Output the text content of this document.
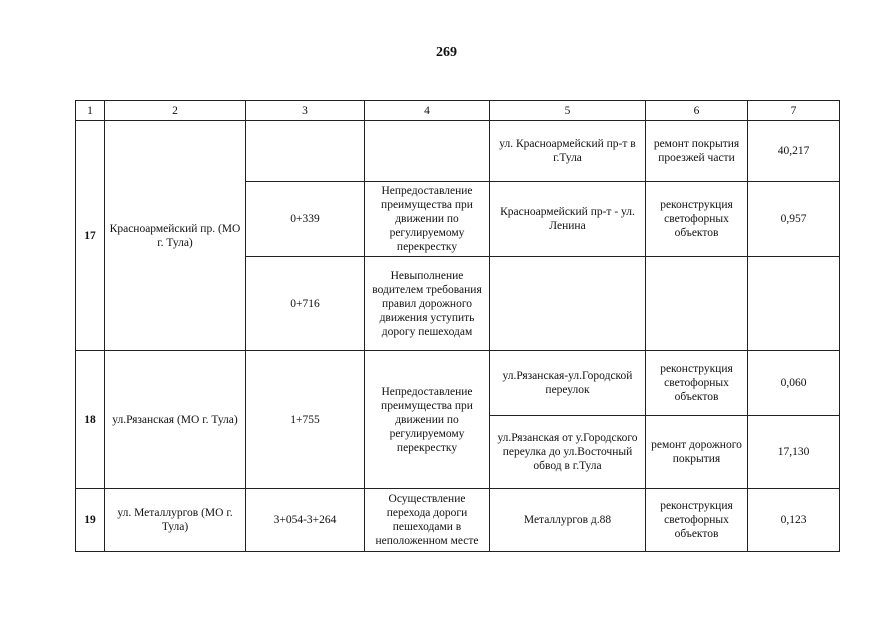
269
1	2	3	4	5	6	7
17	Красноармейский пр. (МО г. Тула)			ул. Красноармейский пр-т в г.Тула	ремонт покрытия проезжей части	40,217
		0+339	Непредоставление преимущества при движении по регулируемому перекрестку	Красноармейский пр-т - ул. Ленина	реконструкция светофорных объектов	0,957
		0+716	Невыполнение водителем требования правил дорожного движения уступить дорогу пешеходам			
18	ул.Рязанская (МО г. Тула)	1+755	Непредоставление преимущества при движении по регулируемому перекрестку	ул.Рязанская-ул.Городской переулок	реконструкция светофорных объектов	0,060
				ул.Рязанская от у.Городского переулка до ул.Восточный обвод в г.Тула	ремонт дорожного покрытия	17,130
19	ул. Металлургов (МО г. Тула)	3+054-3+264	Осуществление перехода дороги пешеходами в неположенном месте	Металлургов д.88	реконструкция светофорных объектов	0,123
